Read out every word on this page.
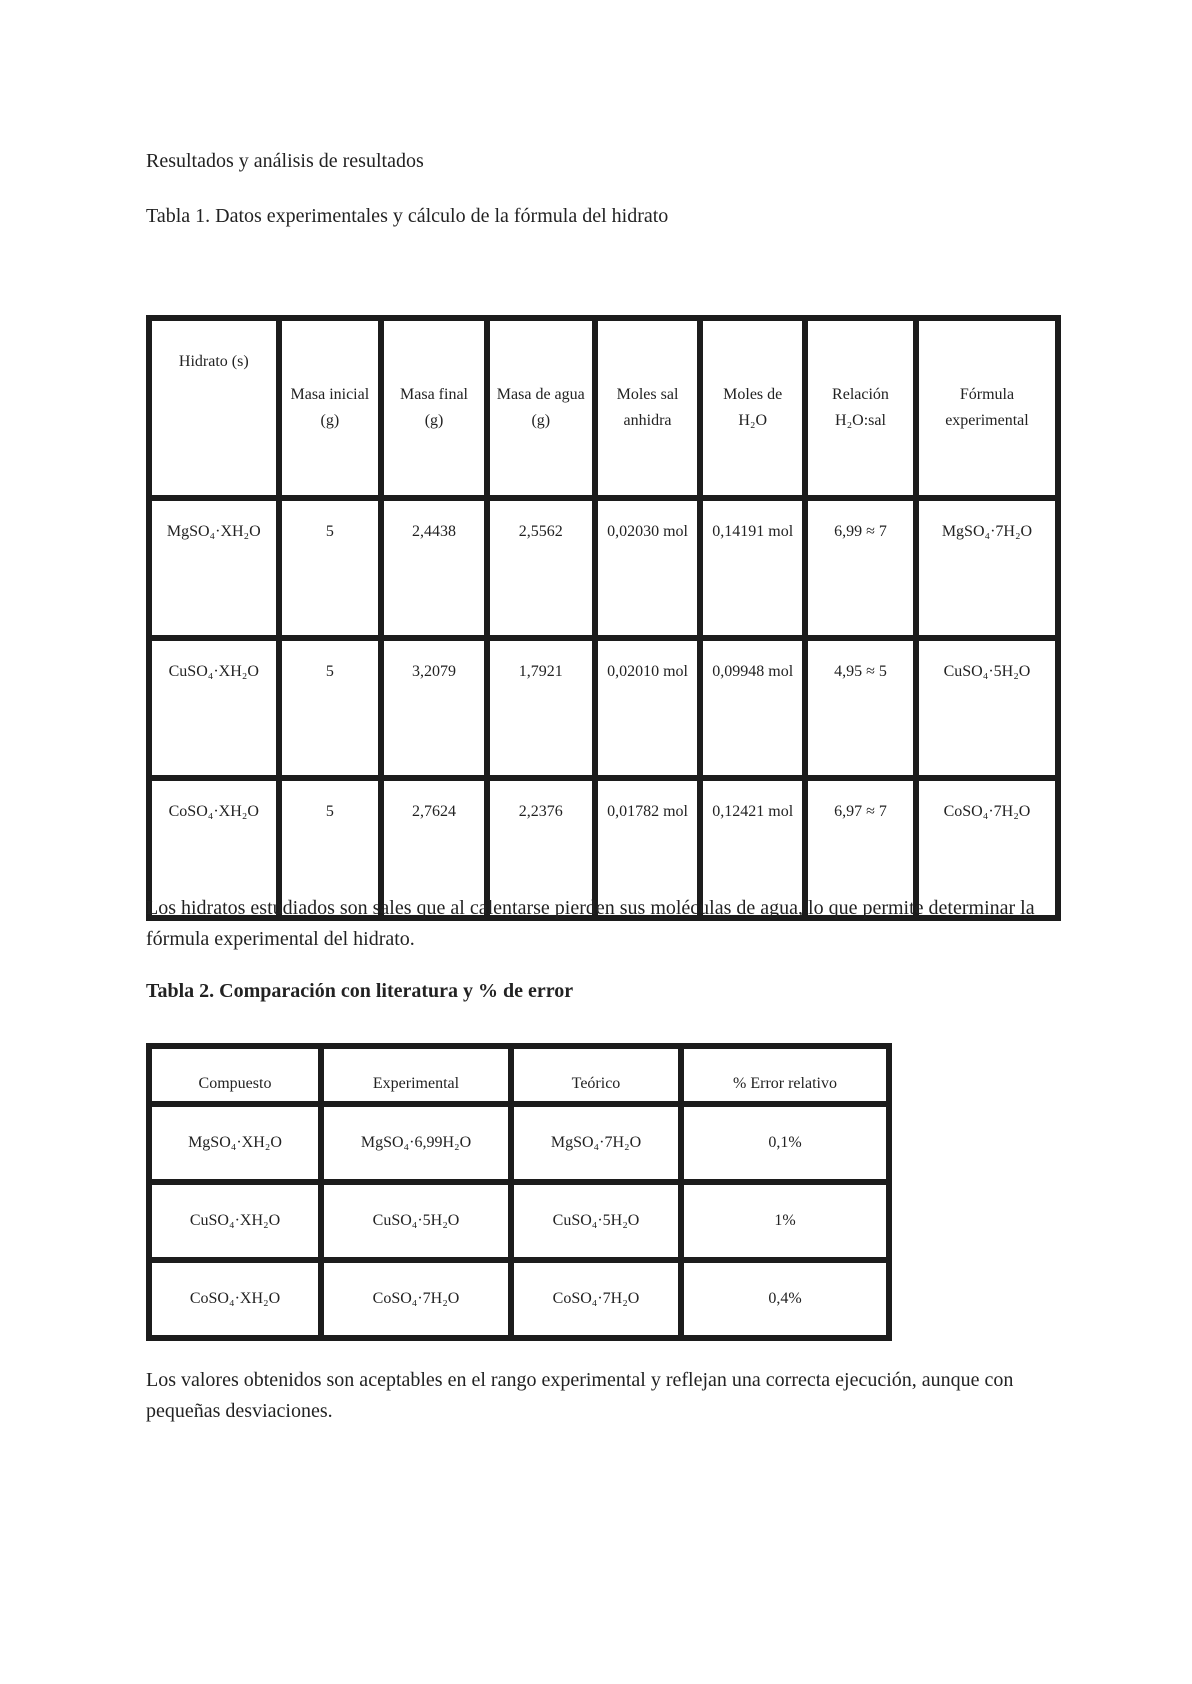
Resultados y análisis de resultados
Tabla 1. Datos experimentales y cálculo de la fórmula del hidrato
Hidrato (s)	Masa inicial (g)	Masa final (g)	Masa de agua (g)	Moles sal anhidra	Moles de H₂O	Relación H₂O:sal	Fórmula experimental
MgSO₄·XH₂O	5	2,4438	2,5562	0,02030 mol	0,14191 mol	6,99 ≈ 7	MgSO₄·7H₂O
CuSO₄·XH₂O	5	3,2079	1,7921	0,02010 mol	0,09948 mol	4,95 ≈ 5	CuSO₄·5H₂O
CoSO₄·XH₂O	5	2,7624	2,2376	0,01782 mol	0,12421 mol	6,97 ≈ 7	CoSO₄·7H₂O
Los hidratos estudiados son sales que al calentarse pierden sus moléculas de agua, lo que permite determinar la fórmula experimental del hidrato.
Tabla 2. Comparación con literatura y % de error
Compuesto	Experimental	Teórico	% Error relativo
MgSO₄·XH₂O	MgSO₄·6,99H₂O	MgSO₄·7H₂O	0,1%
CuSO₄·XH₂O	CuSO₄·5H₂O	CuSO₄·5H₂O	1%
CoSO₄·XH₂O	CoSO₄·7H₂O	CoSO₄·7H₂O	0,4%
Los valores obtenidos son aceptables en el rango experimental y reflejan una correcta ejecución, aunque con pequeñas desviaciones.
